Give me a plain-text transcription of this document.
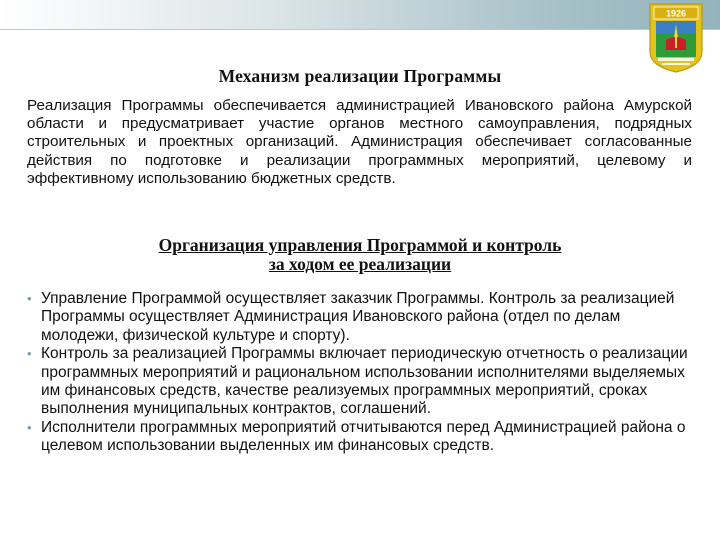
1926
Механизм реализации Программы
Реализация Программы обеспечивается администрацией Ивановского района Амурской области и предусматривает участие органов местного самоуправления, подрядных строительных и проектных организаций. Администрация обеспечивает согласованные действия по подготовке и реализации программных мероприятий, целевому и эффективному использованию бюджетных средств.
Организация управления Программой и контроль
за ходом ее реализации
• Управление Программой осуществляет заказчик Программы. Контроль за реализацией Программы осуществляет Администрация Ивановского района (отдел по делам молодежи, физической культуре и спорту).
• Контроль за реализацией Программы включает периодическую отчетность о реализации программных мероприятий и рациональном использовании исполнителями выделяемых им финансовых средств, качестве реализуемых программных мероприятий, сроках выполнения муниципальных контрактов, соглашений.
• Исполнители программных мероприятий отчитываются перед Администрацией района о целевом использовании выделенных им финансовых средств.
